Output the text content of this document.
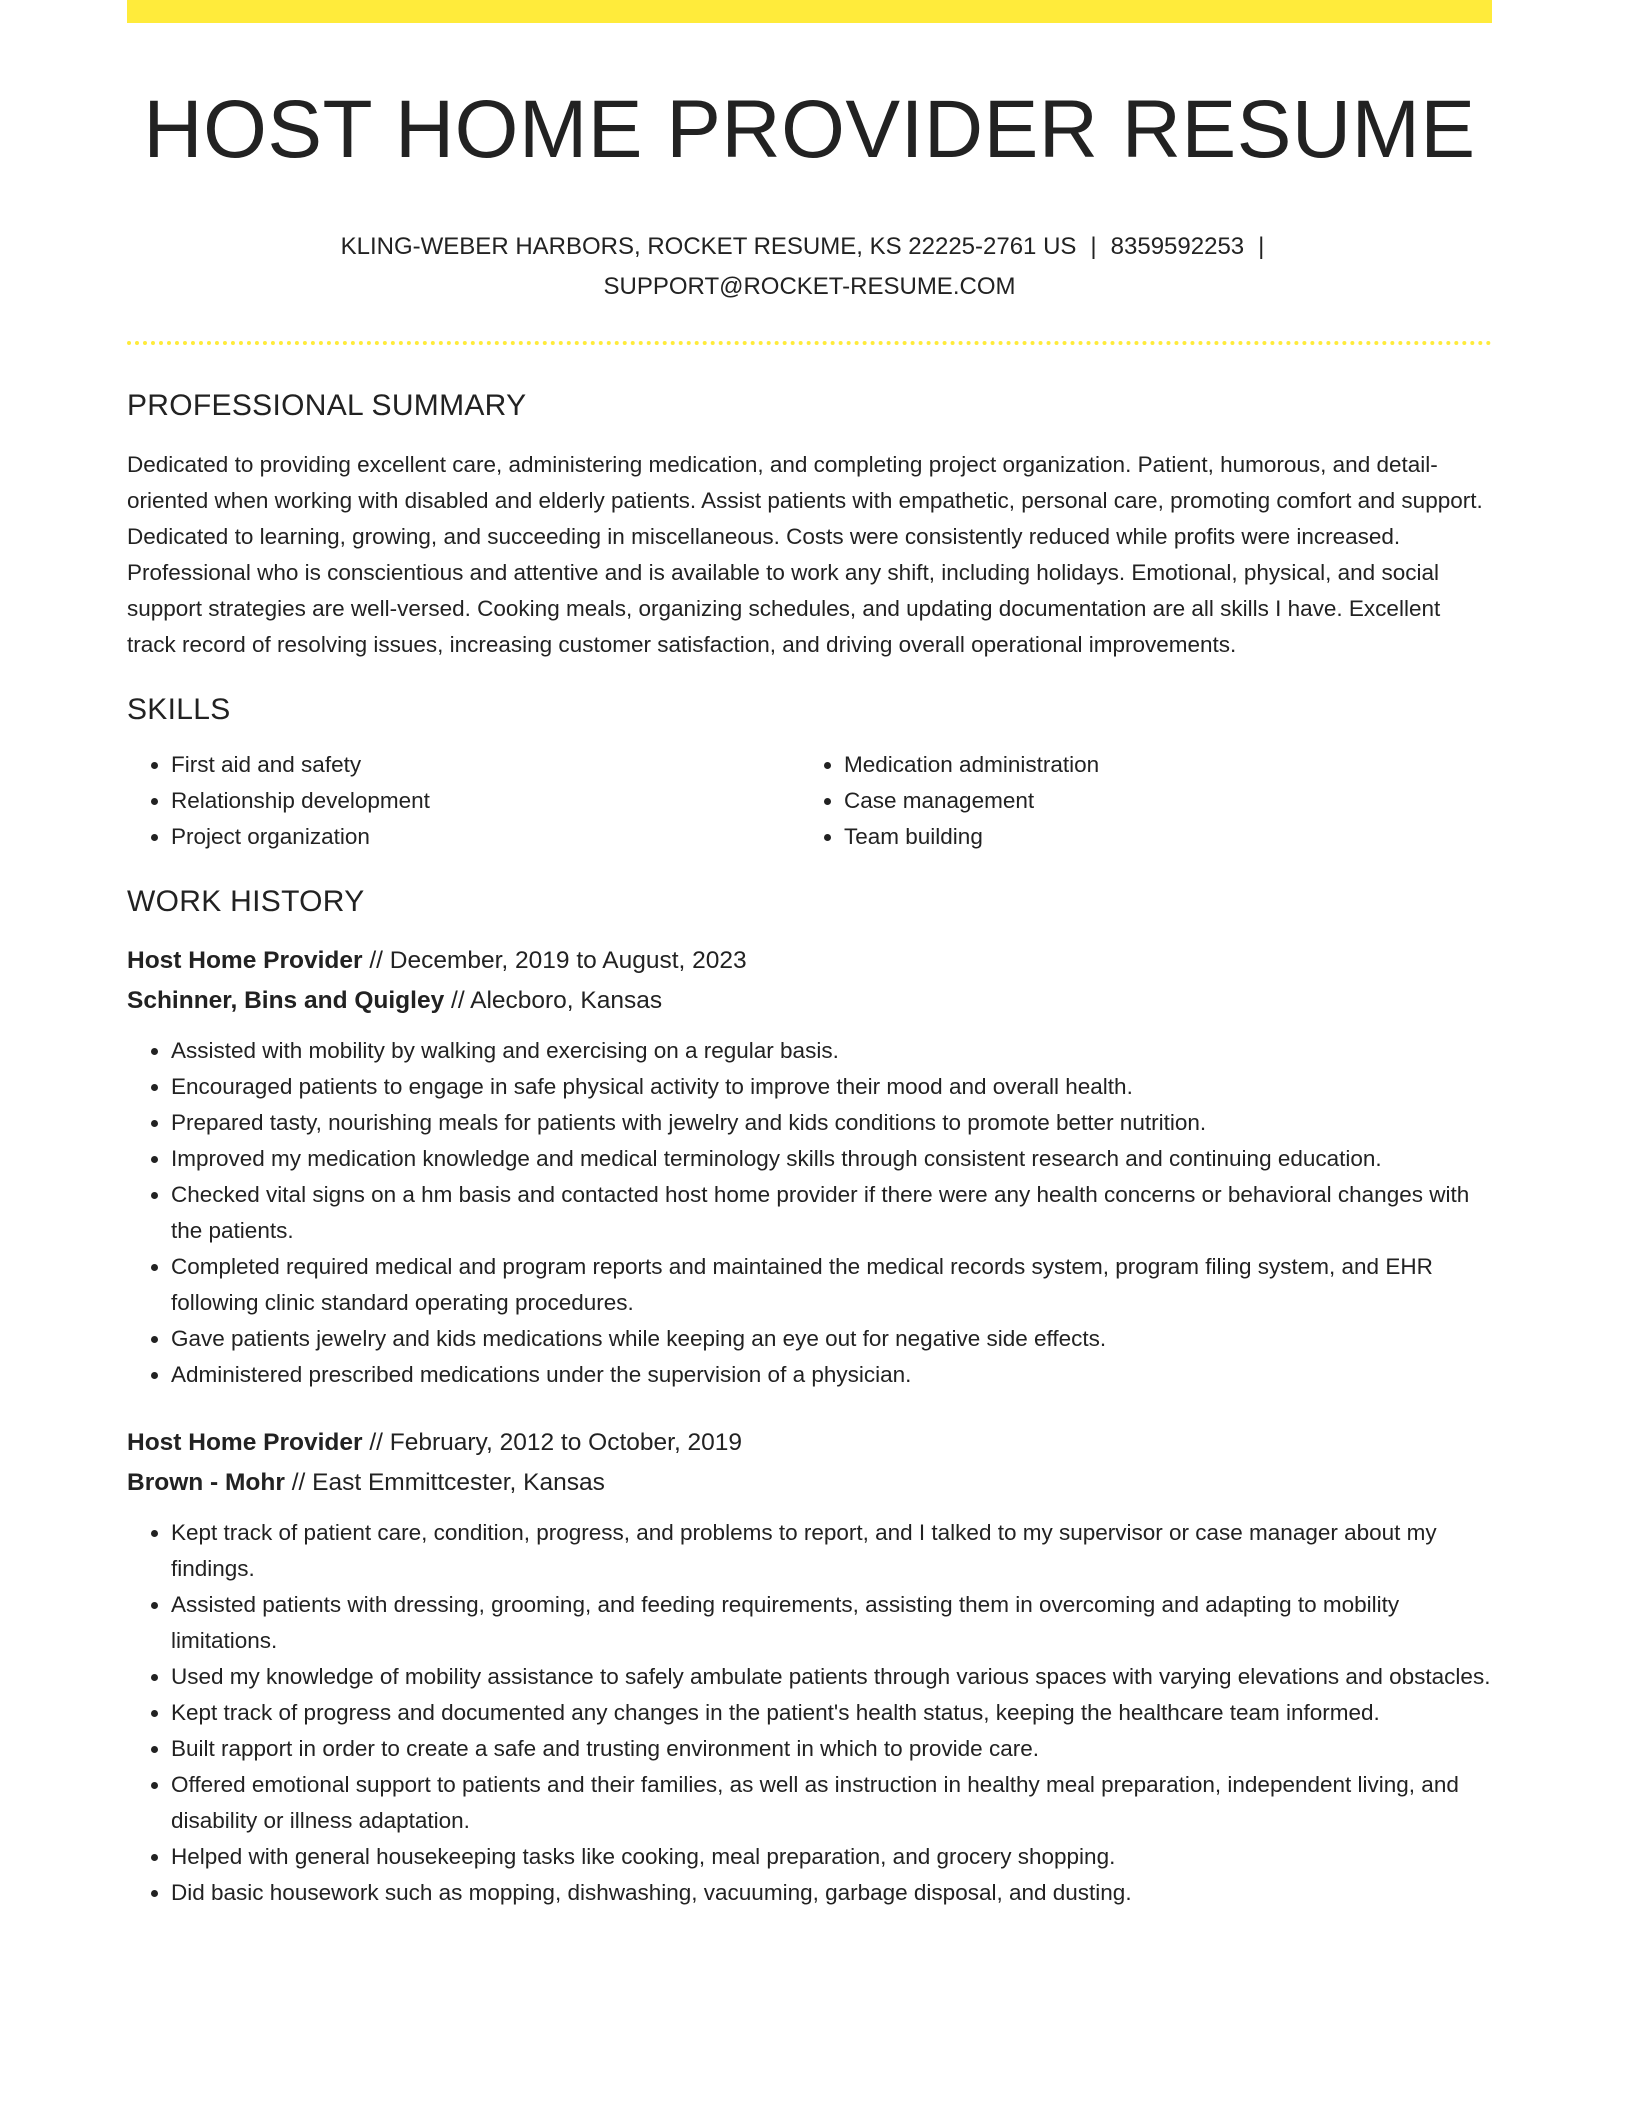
HOST HOME PROVIDER RESUME
KLING-WEBER HARBORS, ROCKET RESUME, KS 22225-2761 US | 8359592253 |
SUPPORT@ROCKET-RESUME.COM
PROFESSIONAL SUMMARY

Dedicated to providing excellent care, administering medication, and completing project organization. Patient, humorous, and detail-oriented when working with disabled and elderly patients. Assist patients with empathetic, personal care, promoting comfort and support. Dedicated to learning, growing, and succeeding in miscellaneous. Costs were consistently reduced while profits were increased. Professional who is conscientious and attentive and is available to work any shift, including holidays. Emotional, physical, and social support strategies are well-versed. Cooking meals, organizing schedules, and updating documentation are all skills I have. Excellent track record of resolving issues, increasing customer satisfaction, and driving overall operational improvements.

SKILLS
• First aid and safety
• Relationship development
• Project organization
• Medication administration
• Case management
• Team building
WORK HISTORY
Host Home Provider // December, 2019 to August, 2023
Schinner, Bins and Quigley // Alecboro, Kansas
• Assisted with mobility by walking and exercising on a regular basis.
• Encouraged patients to engage in safe physical activity to improve their mood and overall health.
• Prepared tasty, nourishing meals for patients with jewelry and kids conditions to promote better nutrition.
• Improved my medication knowledge and medical terminology skills through consistent research and continuing education.
• Checked vital signs on a hm basis and contacted host home provider if there were any health concerns or behavioral changes with the patients.
• Completed required medical and program reports and maintained the medical records system, program filing system, and EHR following clinic standard operating procedures.
• Gave patients jewelry and kids medications while keeping an eye out for negative side effects.
• Administered prescribed medications under the supervision of a physician.
Host Home Provider // February, 2012 to October, 2019
Brown - Mohr // East Emmittcester, Kansas
• Kept track of patient care, condition, progress, and problems to report, and I talked to my supervisor or case manager about my findings.
• Assisted patients with dressing, grooming, and feeding requirements, assisting them in overcoming and adapting to mobility limitations.
• Used my knowledge of mobility assistance to safely ambulate patients through various spaces with varying elevations and obstacles.
• Kept track of progress and documented any changes in the patient's health status, keeping the healthcare team informed.
• Built rapport in order to create a safe and trusting environment in which to provide care.
• Offered emotional support to patients and their families, as well as instruction in healthy meal preparation, independent living, and disability or illness adaptation.
• Helped with general housekeeping tasks like cooking, meal preparation, and grocery shopping.
• Did basic housework such as mopping, dishwashing, vacuuming, garbage disposal, and dusting.
